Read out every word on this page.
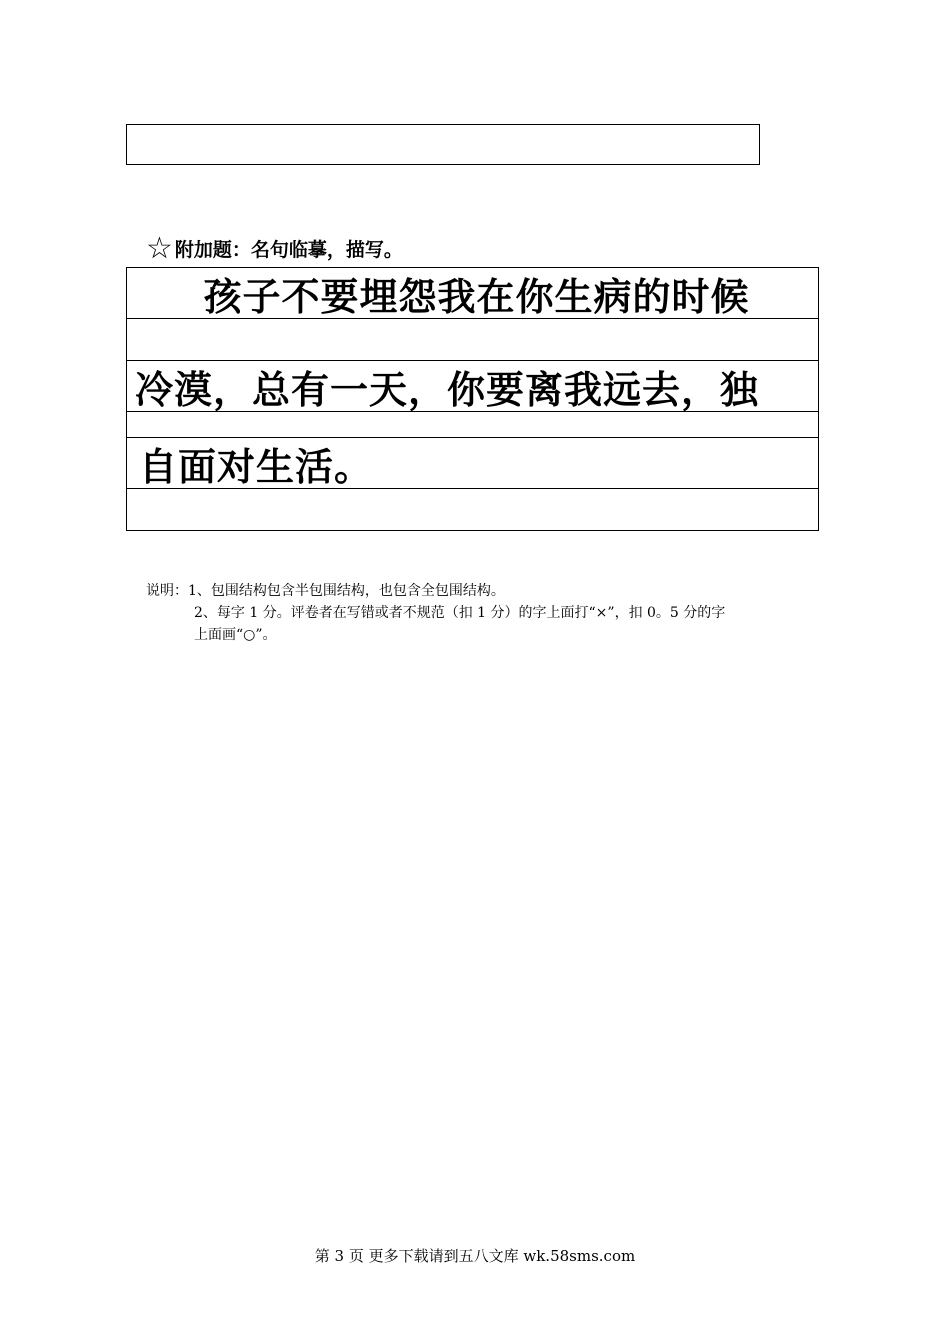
☆ 附加题：名句临摹，描写。
孩子不要埋怨我在你生病的时候
冷漠，总有一天，你要离我远去，独
自面对生活。
说明：1、包围结构包含半包围结构，也包含全包围结构。
2、每字 1 分。评卷者在写错或者不规范（扣 1 分）的字上面打“×”，扣 0。5 分的字
上面画“○”。
第 3 页 更多下载请到五八文库 wk.58sms.com
